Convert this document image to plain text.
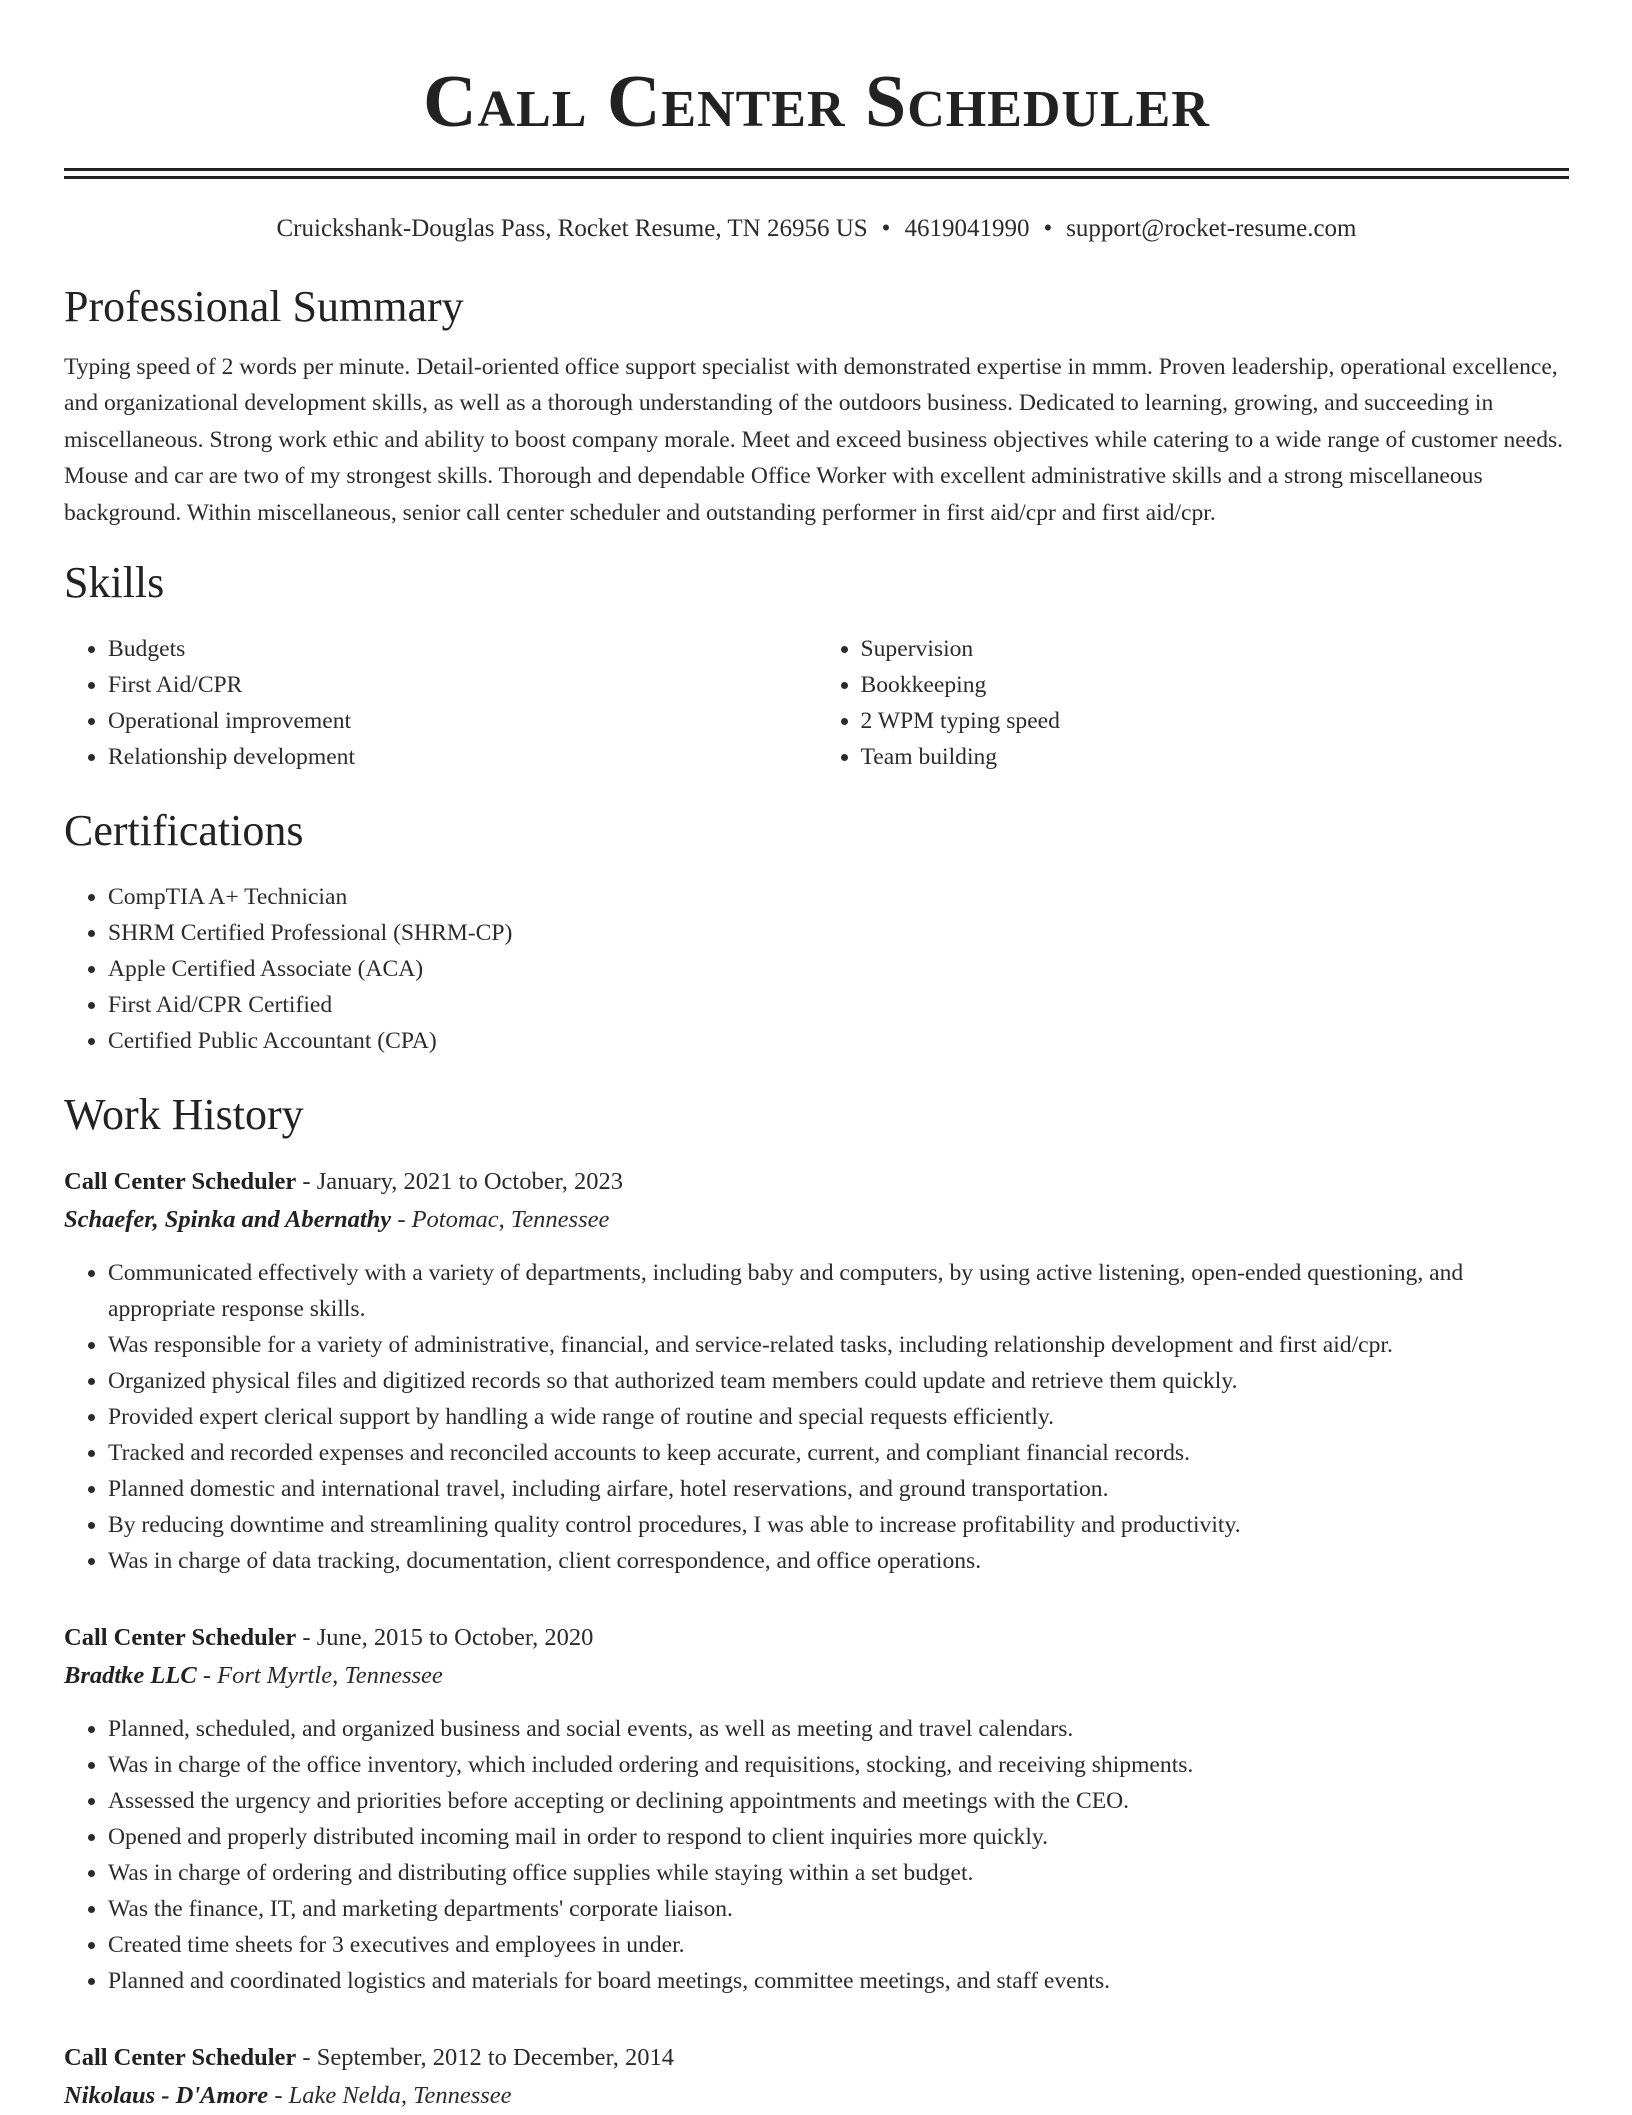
Call Center Scheduler
Cruickshank-Douglas Pass, Rocket Resume, TN 26956 US • 4619041990 • support@rocket-resume.com
Professional Summary

Typing speed of 2 words per minute. Detail-oriented office support specialist with demonstrated expertise in mmm. Proven leadership, operational excellence, and organizational development skills, as well as a thorough understanding of the outdoors business. Dedicated to learning, growing, and succeeding in miscellaneous. Strong work ethic and ability to boost company morale. Meet and exceed business objectives while catering to a wide range of customer needs. Mouse and car are two of my strongest skills. Thorough and dependable Office Worker with excellent administrative skills and a strong miscellaneous background. Within miscellaneous, senior call center scheduler and outstanding performer in first aid/cpr and first aid/cpr.

Skills
• Budgets
• First Aid/CPR
• Operational improvement
• Relationship development
• Supervision
• Bookkeeping
• 2 WPM typing speed
• Team building
Certifications
• CompTIA A+ Technician
• SHRM Certified Professional (SHRM-CP)
• Apple Certified Associate (ACA)
• First Aid/CPR Certified
• Certified Public Accountant (CPA)
Work History
Call Center Scheduler - January, 2021 to October, 2023
Schaefer, Spinka and Abernathy - Potomac, Tennessee
• Communicated effectively with a variety of departments, including baby and computers, by using active listening, open-ended questioning, and appropriate response skills.
• Was responsible for a variety of administrative, financial, and service-related tasks, including relationship development and first aid/cpr.
• Organized physical files and digitized records so that authorized team members could update and retrieve them quickly.
• Provided expert clerical support by handling a wide range of routine and special requests efficiently.
• Tracked and recorded expenses and reconciled accounts to keep accurate, current, and compliant financial records.
• Planned domestic and international travel, including airfare, hotel reservations, and ground transportation.
• By reducing downtime and streamlining quality control procedures, I was able to increase profitability and productivity.
• Was in charge of data tracking, documentation, client correspondence, and office operations.
Call Center Scheduler - June, 2015 to October, 2020
Bradtke LLC - Fort Myrtle, Tennessee
• Planned, scheduled, and organized business and social events, as well as meeting and travel calendars.
• Was in charge of the office inventory, which included ordering and requisitions, stocking, and receiving shipments.
• Assessed the urgency and priorities before accepting or declining appointments and meetings with the CEO.
• Opened and properly distributed incoming mail in order to respond to client inquiries more quickly.
• Was in charge of ordering and distributing office supplies while staying within a set budget.
• Was the finance, IT, and marketing departments' corporate liaison.
• Created time sheets for 3 executives and employees in under.
• Planned and coordinated logistics and materials for board meetings, committee meetings, and staff events.
Call Center Scheduler - September, 2012 to December, 2014
Nikolaus - D'Amore - Lake Nelda, Tennessee
